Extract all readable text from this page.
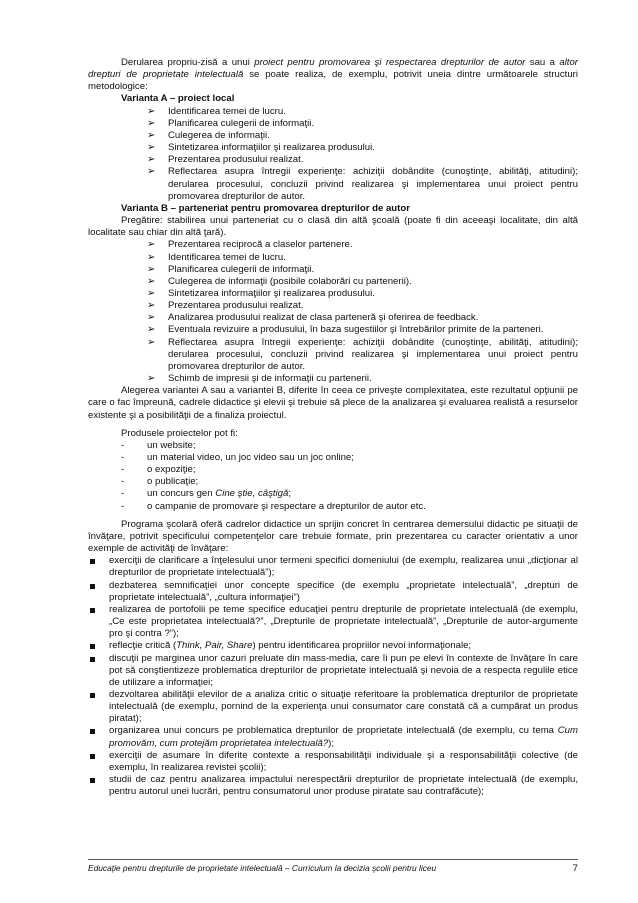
Derularea propriu-zisă a unui proiect pentru promovarea şi respectarea drepturilor de autor sau a altor drepturi de proprietate intelectuală se poate realiza, de exemplu, potrivit uneia dintre următoarele structuri metodologice:

Varianta A – proiect local

➢ Identificarea temei de lucru.
➢ Planificarea culegerii de informaţii.
➢ Culegerea de informaţii.
➢ Sintetizarea informaţiilor şi realizarea produsului.
➢ Prezentarea produsului realizat.
➢ Reflectarea asupra întregii experienţe: achiziţii dobândite (cunoştinţe, abilităţi, atitudini); derularea procesului, concluzii privind realizarea şi implementarea unui proiect pentru promovarea drepturilor de autor.

Varianta B – parteneriat pentru promovarea drepturilor de autor

Pregătire: stabilirea unui parteneriat cu o clasă din altă şcoală (poate fi din aceeaşi localitate, din altă localitate sau chiar din altă ţară).

➢ Prezentarea reciprocă a claselor partenere.
➢ Identificarea temei de lucru.
➢ Planificarea culegerii de informaţii.
➢ Culegerea de informaţii (posibile colaborări cu partenerii).
➢ Sintetizarea informaţiilor şi realizarea produsului.
➢ Prezentarea produsului realizat.
➢ Analizarea produsului realizat de clasa parteneră şi oferirea de feedback.
➢ Eventuala revizuire a produsului, în baza sugestiilor şi întrebărilor primite de la parteneri.
➢ Reflectarea asupra întregii experienţe: achiziţii dobândite (cunoştinţe, abilităţi, atitudini); derularea procesului, concluzii privind realizarea şi implementarea unui proiect pentru promovarea drepturilor de autor.
➢ Schimb de impresii şi de informaţii cu partenerii.

Alegerea variantei A sau a variantei B, diferite în ceea ce priveşte complexitatea, este rezultatul opţiunii pe care o fac împreună, cadrele didactice şi elevii şi trebuie să plece de la analizarea şi evaluarea realistă a resurselor existente şi a posibilităţii de a finaliza proiectul.

Produsele proiectelor pot fi:

- un website;
- un material video, un joc video sau un joc online;
- o expoziţie;
- o publicaţie;
- un concurs gen Cine ştie, câştigă;
- o campanie de promovare şi respectare a drepturilor de autor etc.

Programa şcolară oferă cadrelor didactice un sprijin concret în centrarea demersului didactic pe situaţii de învăţare, potrivit specificului competenţelor care trebuie formate, prin prezentarea cu caracter orientativ a unor exemple de activităţi de învăţare:

exerciţii de clarificare a înţelesului unor termeni specifici domeniului (de exemplu, realizarea unui „dicţionar al drepturilor de proprietate intelectuală”);
dezbaterea semnificaţiei unor concepte specifice (de exemplu „proprietate intelectuală”, „drepturi de proprietate intelectuală”, „cultura informaţiei”)
realizarea de portofolii pe teme specifice educaţiei pentru drepturile de proprietate intelectuală (de exemplu, „Ce este proprietatea intelectuală?”, „Drepturile de proprietate intelectuală”, „Drepturile de autor-argumente pro şi contra ?”);
reflecţie critică (Think, Pair, Share) pentru identificarea propriilor nevoi informaţionale;
discuţii pe marginea unor cazuri preluate din mass-media, care îi pun pe elevi în contexte de învăţare în care pot să conştientizeze problematica drepturilor de proprietate intelectuală şi nevoia de a respecta regulile etice de utilizare a informaţiei;
dezvoltarea abilităţii elevilor de a analiza critic o situaţie referitoare la problematica drepturilor de proprietate intelectuală (de exemplu, pornind de la experienţa unui consumator care constată că a cumpărat un produs piratat);
organizarea unui concurs pe problematica drepturilor de proprietate intelectuală (de exemplu, cu tema Cum promovăm, cum protejăm proprietatea intelectuală?);
exerciţii de asumare în diferite contexte a responsabilităţii individuale şi a responsabilităţii colective (de exemplu, în realizarea revistei şcolii);
studii de caz pentru analizarea impactului nerespectării drepturilor de proprietate intelectuală (de exemplu, pentru autorul unei lucrări, pentru consumatorul unor produse piratate sau contrafăcute);
Educaţie pentru drepturile de proprietate intelectuală – Curriculum la decizia şcolii pentru liceu	7
